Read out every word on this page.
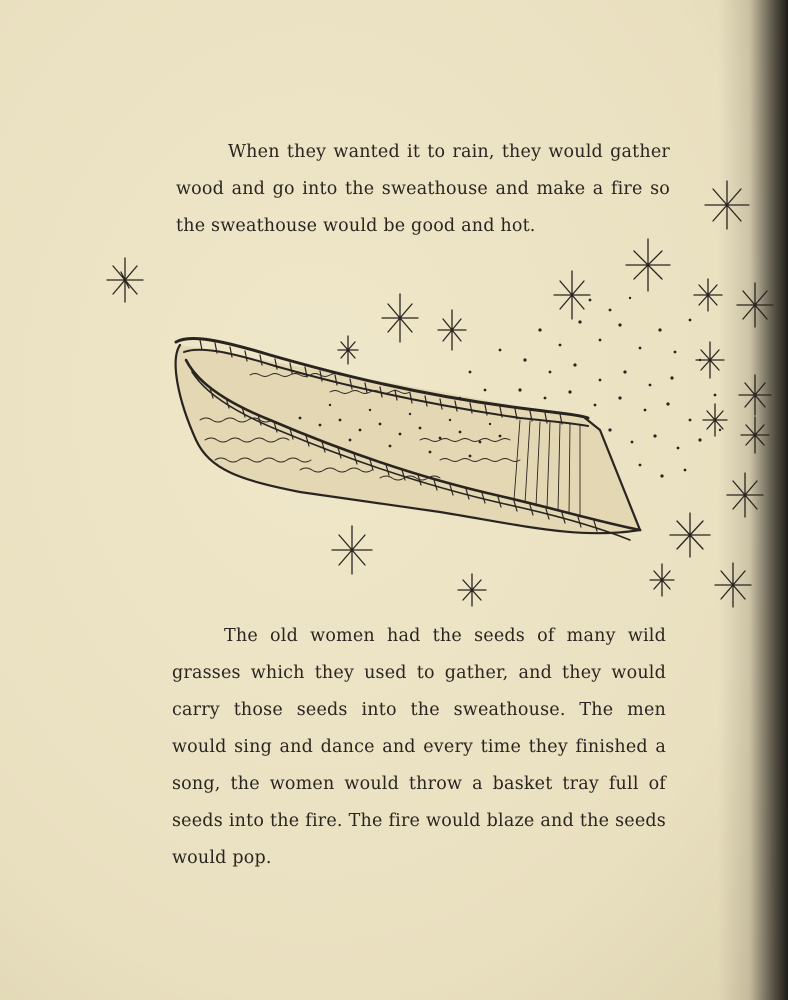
When they wanted it to rain, they would gather wood and go into the sweathouse and make a fire so the sweathouse would be good and hot.

The old women had the seeds of many wild grasses which they used to gather, and they would carry those seeds into the sweathouse. The men would sing and dance and every time they finished a song, the women would throw a basket tray full of seeds into the fire. The fire would blaze and the seeds would pop.
